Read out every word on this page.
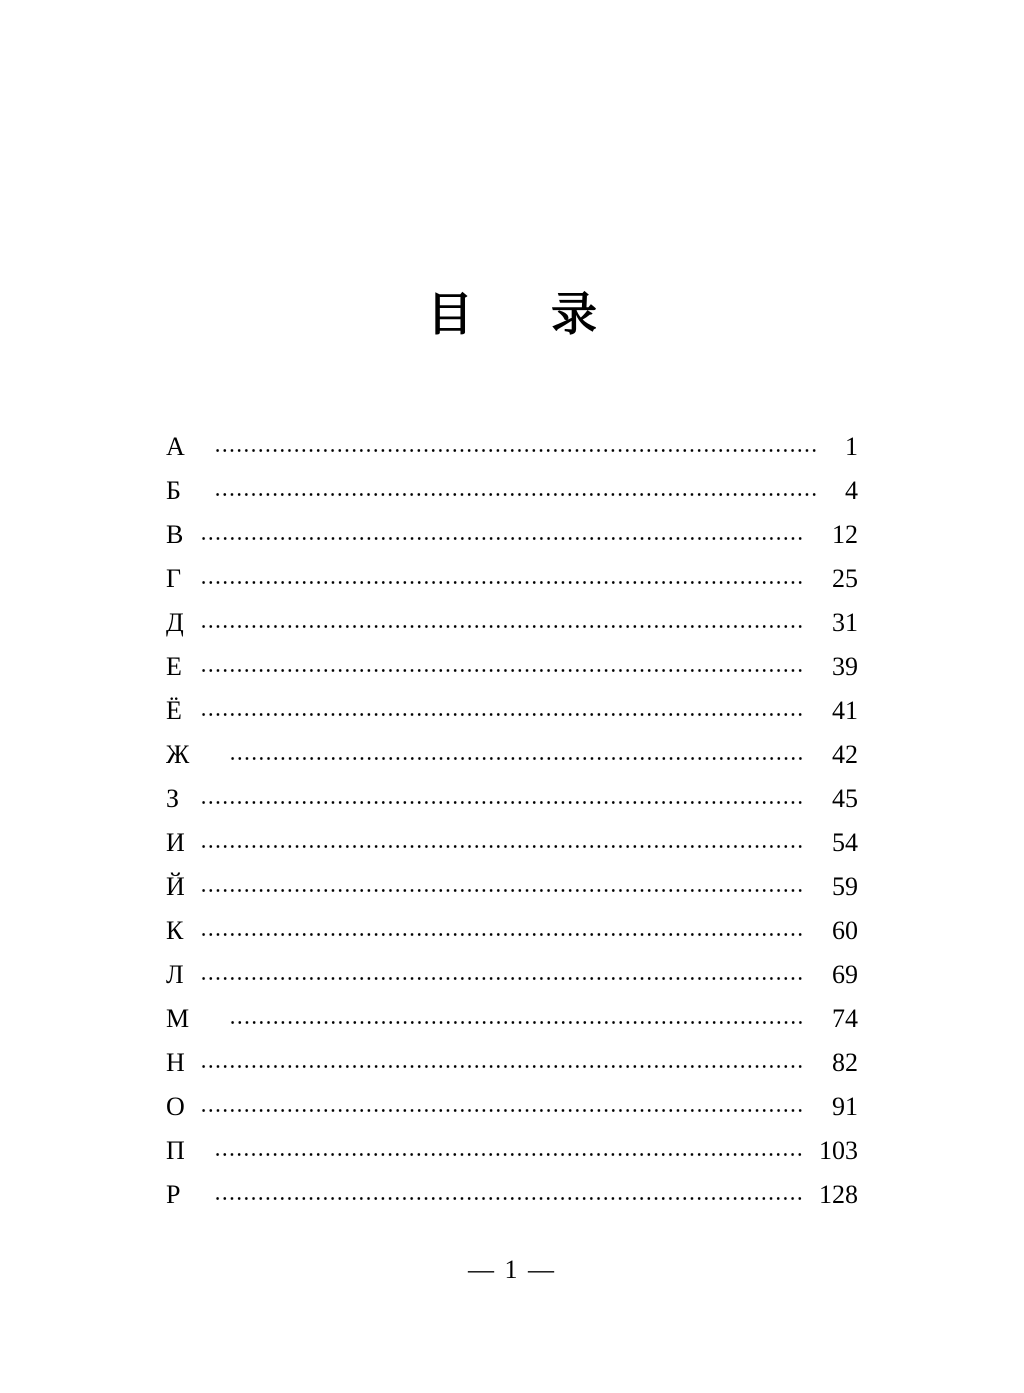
目 录
А	1
Б	4
В	12
Г	25
Д	31
Е	39
Ё	41
Ж	42
З	45
И	54
Й	59
К	60
Л	69
М	74
Н	82
О	91
П	103
Р	128
— 1 —
